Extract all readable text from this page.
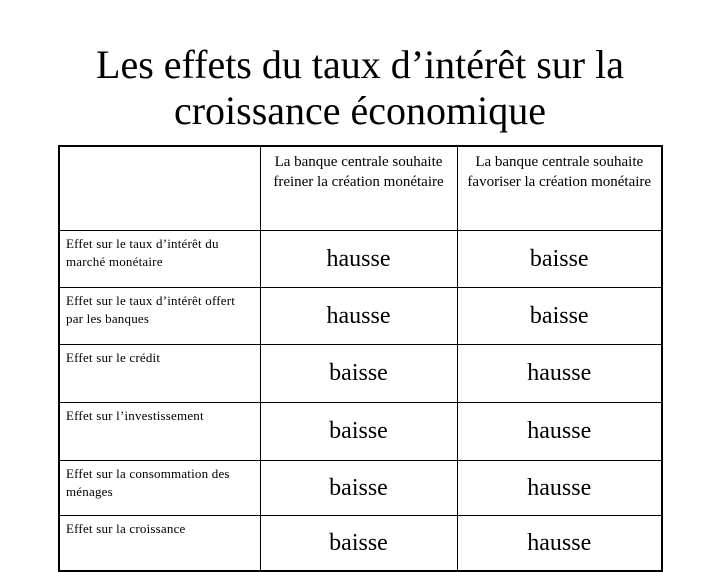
Les effets du taux d’intérêt sur la
croissance économique
	La banque centrale souhaite freiner la création monétaire	La banque centrale souhaite favoriser la création monétaire
Effet sur le taux d’intérêt du marché monétaire	hausse	baisse
Effet sur le taux d’intérêt offert par les banques	hausse	baisse
Effet sur le crédit	baisse	hausse
Effet sur l’investissement	baisse	hausse
Effet sur la consommation des ménages	baisse	hausse
Effet sur la croissance	baisse	hausse
